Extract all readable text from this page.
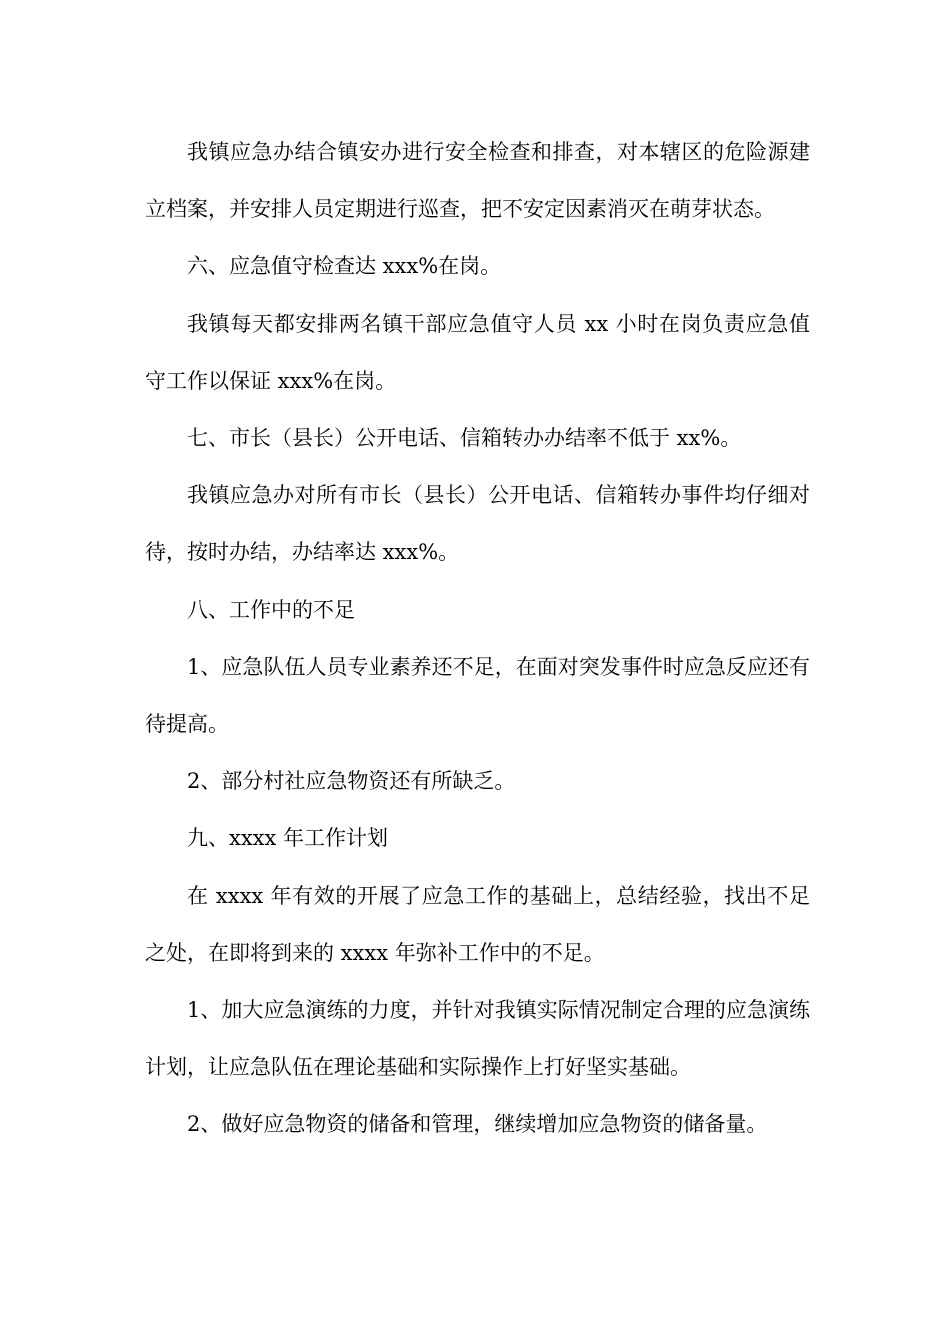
我镇应急办结合镇安办进行安全检查和排查，对本辖区的危险源建立档案，并安排人员定期进行巡查，把不安定因素消灭在萌芽状态。

六、应急值守检查达 xxx%在岗。

我镇每天都安排两名镇干部应急值守人员 xx 小时在岗负责应急值守工作以保证 xxx%在岗。

七、市长（县长）公开电话、信箱转办办结率不低于 xx%。

我镇应急办对所有市长（县长）公开电话、信箱转办事件均仔细对待，按时办结，办结率达 xxx%。

八、工作中的不足

1、应急队伍人员专业素养还不足，在面对突发事件时应急反应还有待提高。

2、部分村社应急物资还有所缺乏。

九、xxxx 年工作计划

在 xxxx 年有效的开展了应急工作的基础上，总结经验，找出不足之处，在即将到来的 xxxx 年弥补工作中的不足。

1、加大应急演练的力度，并针对我镇实际情况制定合理的应急演练计划，让应急队伍在理论基础和实际操作上打好坚实基础。

2、做好应急物资的储备和管理，继续增加应急物资的储备量。
